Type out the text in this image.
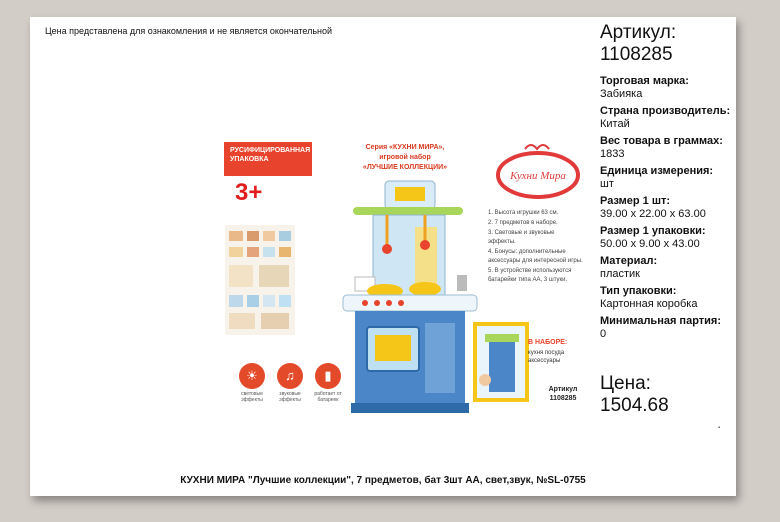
Цена представлена для ознакомления и не является окончательной	Артикул:
1108285
Торговая марка:
Забияка
Страна производитель:
Китай
Вес товара в граммах:
1833
Единица измерения:
шт
Размер 1 шт:
39.00 x 22.00 x 63.00
Размер 1 упаковки:
50.00 x 9.00 x 43.00
Материал:
пластик
Тип упаковки:
Картонная коробка
Минимальная партия:
0
Цена:
1504.68
▪
РУСИФИЦИРОВАННАЯ УПАКОВКА
3+
Серия «КУХНИ МИРА»,
игровой набор
«ЛУЧШИЕ КОЛЛЕКЦИИ»
Кухни Мира
1. Высота игрушки 63 см.
2. 7 предметов в наборе.
3. Световые и звуковые эффекты.
4. Бонусы: дополнительные аксессуары для интересной игры.
5. В устройстве используются батарейки типа АА, 3 штуки.
В НАБОРЕ:
кухня посуда аксессуары
Артикул
1108285
☀
световые эффекты
♫
звуковые эффекты
▮
работает от батареек
КУХНИ МИРА "Лучшие коллекции", 7 предметов, бат 3шт АА, свет,звук, №SL-0755
